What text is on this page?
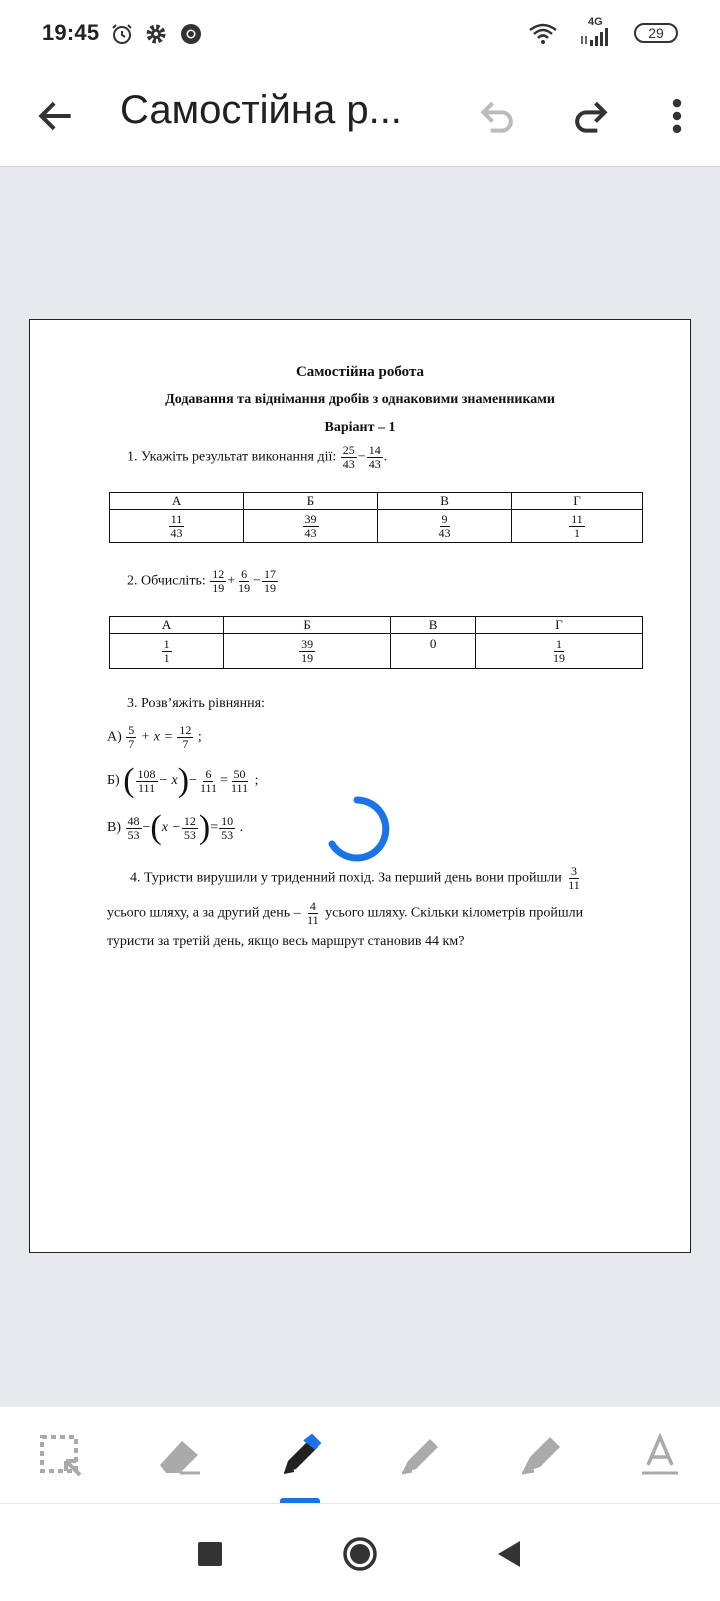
19:45	4G
29
Самостійна р...
Самостійна робота
Додавання та віднімання дробів з однаковими знаменниками
Варіант – 1
1. Укажіть результат виконання дії: $\frac{25}{43} - \frac{14}{43}$ .
А	Б	В	Г

$\frac{11}{43}$	$\frac{39}{43}$	$\frac{9}{43}$	$\frac{11}{1}$
2. Обчисліть: $\frac{12}{19} + \frac{6}{19} - \frac{17}{19}$
А	Б	В	Г

$\frac{1}{1}$	$\frac{39}{19}$	0	$\frac{1}{19}$
3. Розв’яжіть рівняння:
$А) \frac{5}{7} + x = \frac{12}{7}$ ;
Б) ( $\frac{108}{111} - x)- \frac{6}{111} = \frac{50}{111}$ ;
$В) \frac{48}{53} -(x - \frac{12}{53}$ )= $\frac{10}{53}$ .
4. Туристи вирушили у триденний похід. За перший день вони пройшли $\frac{3}{11}$
усього шляху, а за другий день – $\frac{4}{11}$ усього шляху. Скільки кілометрів пройшли
туристи за третій день, якщо весь маршрут становив 44 км?
